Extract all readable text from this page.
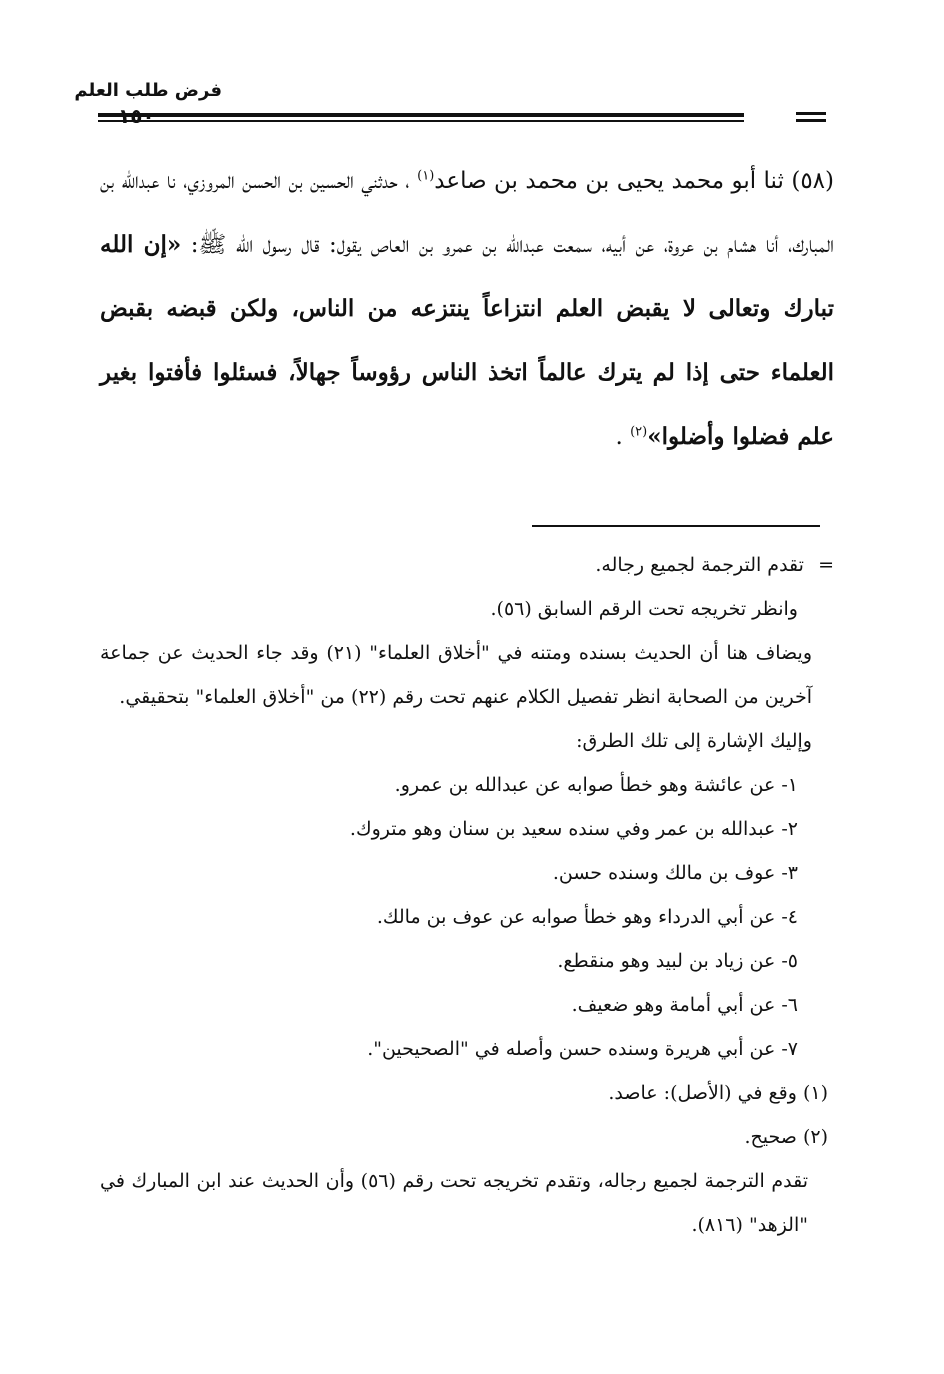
فرض طلب العلم

(٥٨) ثنا أبو محمد يحيى بن محمد بن صاعد$^{(١)}$ ، حدثني الحسين بن الحسن المروزي، نا عبدالله بن المبارك، أنا هشام بن عروة، عن أبيه، سمعت عبدالله بن عمرو بن العاص يقول: قال رسول الله ﷺ: «إن الله تبارك وتعالى لا يقبض العلم انتزاعاً ينتزعه من الناس، ولكن قبضه بقبض العلماء حتى إذا لم يترك عالماً اتخذ الناس رؤوساً جهالاً، فسئلوا فأفتوا بغير علم فضلوا وأضلوا»$^{(٢)}$ .

= تقدم الترجمة لجميع رجاله.
وانظر تخريجه تحت الرقم السابق (٥٦).
ويضاف هنا أن الحديث بسنده ومتنه في "أخلاق العلماء" (٢١) وقد جاء الحديث عن جماعة آخرين من الصحابة انظر تفصيل الكلام عنهم تحت رقم (٢٢) من "أخلاق العلماء" بتحقيقي.
وإليك الإشارة إلى تلك الطرق:
١- عن عائشة وهو خطأ صوابه عن عبدالله بن عمرو.
٢- عبدالله بن عمر وفي سنده سعيد بن سنان وهو متروك.
٣- عوف بن مالك وسنده حسن.
٤- عن أبي الدرداء وهو خطأ صوابه عن عوف بن مالك.
٥- عن زياد بن لبيد وهو منقطع.
٦- عن أبي أمامة وهو ضعيف.
٧- عن أبي هريرة وسنده حسن وأصله في "الصحيحين".
(١) وقع في (الأصل): عاصد.
(٢) صحيح.
تقدم الترجمة لجميع رجاله، وتقدم تخريجه تحت رقم (٥٦) وأن الحديث عند ابن المبارك في "الزهد" (٨١٦).
